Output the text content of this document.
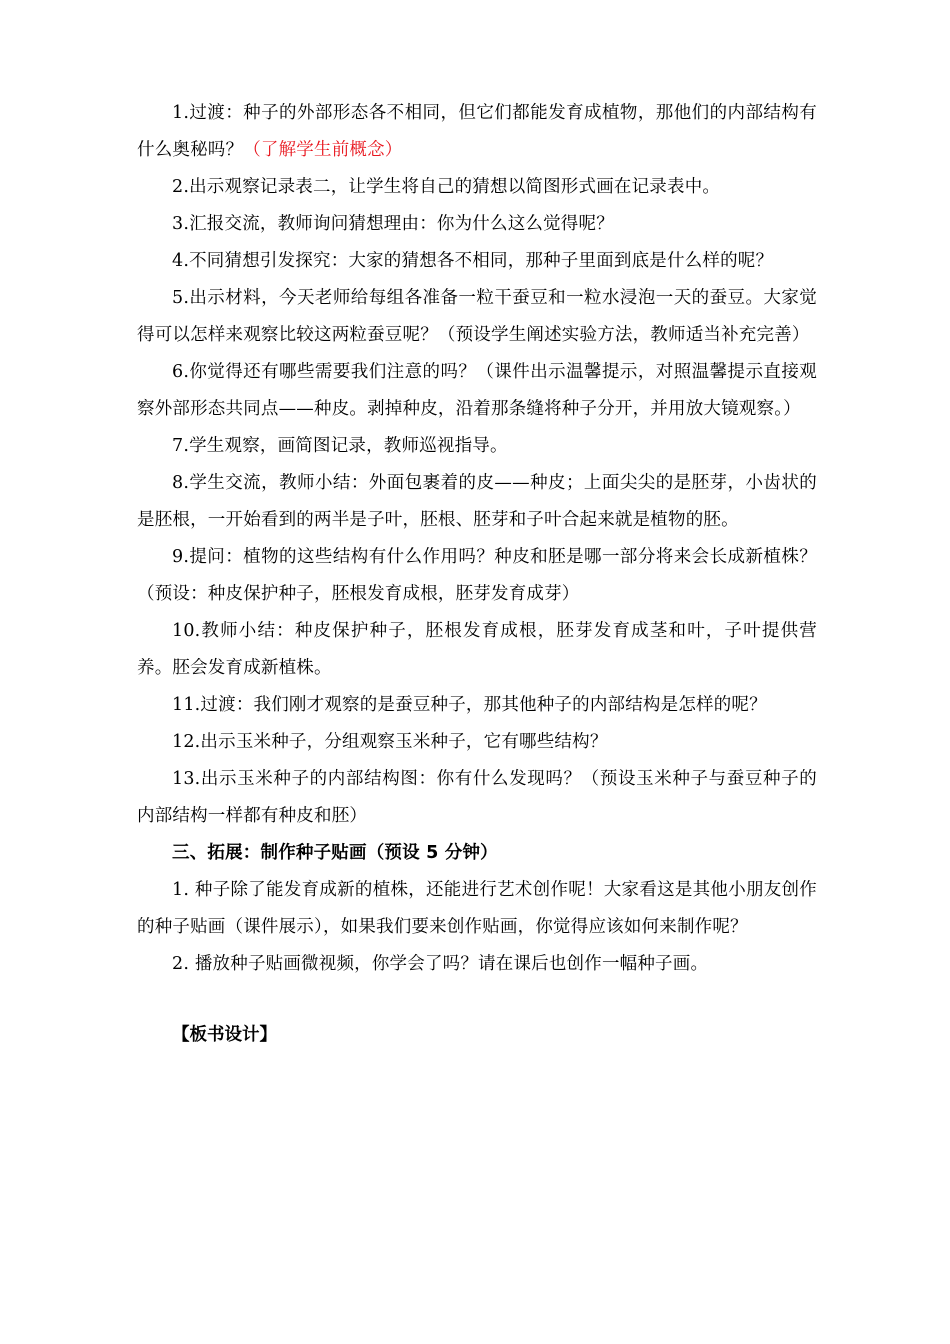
1.过渡：种子的外部形态各不相同，但它们都能发育成植物，那他们的内部结构有什么奥秘吗？（了解学生前概念）

2.出示观察记录表二，让学生将自己的猜想以简图形式画在记录表中。

3.汇报交流，教师询问猜想理由：你为什么这么觉得呢？

4.不同猜想引发探究：大家的猜想各不相同，那种子里面到底是什么样的呢？

5.出示材料，今天老师给每组各准备一粒干蚕豆和一粒水浸泡一天的蚕豆。大家觉得可以怎样来观察比较这两粒蚕豆呢？（预设学生阐述实验方法，教师适当补充完善）

6.你觉得还有哪些需要我们注意的吗？（课件出示温馨提示，对照温馨提示直接观察外部形态共同点——种皮。剥掉种皮，沿着那条缝将种子分开，并用放大镜观察。）

7.学生观察，画简图记录，教师巡视指导。

8.学生交流，教师小结：外面包裹着的皮——种皮；上面尖尖的是胚芽，小齿状的是胚根，一开始看到的两半是子叶，胚根、胚芽和子叶合起来就是植物的胚。

9.提问：植物的这些结构有什么作用吗？种皮和胚是哪一部分将来会长成新植株？（预设：种皮保护种子，胚根发育成根，胚芽发育成芽）

10.教师小结：种皮保护种子，胚根发育成根，胚芽发育成茎和叶，子叶提供营养。胚会发育成新植株。

11.过渡：我们刚才观察的是蚕豆种子，那其他种子的内部结构是怎样的呢？

12.出示玉米种子，分组观察玉米种子，它有哪些结构？

13.出示玉米种子的内部结构图：你有什么发现吗？（预设玉米种子与蚕豆种子的内部结构一样都有种皮和胚）

三、拓展：制作种子贴画（预设 5 分钟）

1. 种子除了能发育成新的植株，还能进行艺术创作呢！大家看这是其他小朋友创作的种子贴画（课件展示），如果我们要来创作贴画，你觉得应该如何来制作呢？

2. 播放种子贴画微视频，你学会了吗？请在课后也创作一幅种子画。

【板书设计】
